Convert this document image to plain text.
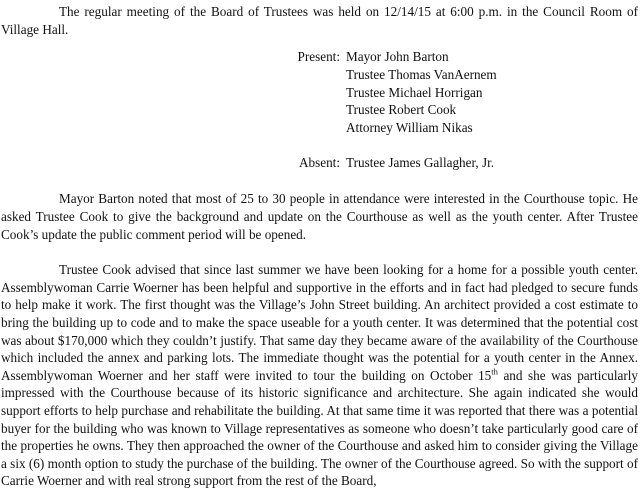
The regular meeting of the Board of Trustees was held on 12/14/15 at 6:00 p.m. in the Council Room of Village Hall.

Present: Mayor John Barton
Trustee Thomas VanAernem
Trustee Michael Horrigan
Trustee Robert Cook
Attorney William Nikas
Absent: Trustee James Gallagher, Jr.

Mayor Barton noted that most of 25 to 30 people in attendance were interested in the Courthouse topic. He asked Trustee Cook to give the background and update on the Courthouse as well as the youth center. After Trustee Cook’s update the public comment period will be opened.

Trustee Cook advised that since last summer we have been looking for a home for a possible youth center. Assemblywoman Carrie Woerner has been helpful and supportive in the efforts and in fact had pledged to secure funds to help make it work. The first thought was the Village’s John Street building. An architect provided a cost estimate to bring the building up to code and to make the space useable for a youth center. It was determined that the potential cost was about $170,000 which they couldn’t justify. That same day they became aware of the availability of the Courthouse which included the annex and parking lots. The immediate thought was the potential for a youth center in the Annex. Assemblywoman Woerner and her staff were invited to tour the building on October 15th and she was particularly impressed with the Courthouse because of its historic significance and architecture. She again indicated she would support efforts to help purchase and rehabilitate the building. At that same time it was reported that there was a potential buyer for the building who was known to Village representatives as someone who doesn’t take particularly good care of the properties he owns. They then approached the owner of the Courthouse and asked him to consider giving the Village a six (6) month option to study the purchase of the building. The owner of the Courthouse agreed. So with the support of Carrie Woerner and with real strong support from the rest of the Board,
